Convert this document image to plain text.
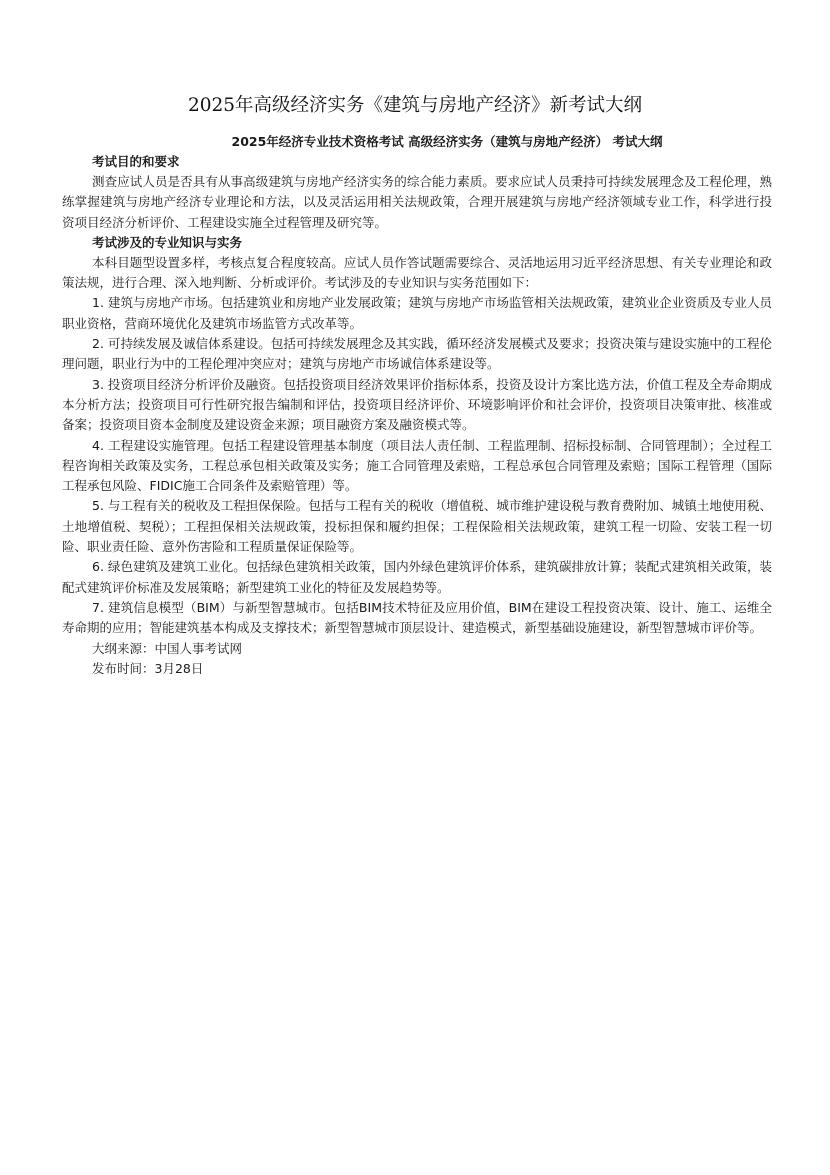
2025年高级经济实务《建筑与房地产经济》新考试大纲
2025年经济专业技术资格考试 高级经济实务（建筑与房地产经济） 考试大纲
考试目的和要求

测查应试人员是否具有从事高级建筑与房地产经济实务的综合能力素质。要求应试人员秉持可持续发展理念及工程伦理，熟练掌握建筑与房地产经济专业理论和方法，以及灵活运用相关法规政策，合理开展建筑与房地产经济领域专业工作，科学进行投资项目经济分析评价、工程建设实施全过程管理及研究等。

考试涉及的专业知识与实务

本科目题型设置多样，考核点复合程度较高。应试人员作答试题需要综合、灵活地运用习近平经济思想、有关专业理论和政策法规，进行合理、深入地判断、分析或评价。考试涉及的专业知识与实务范围如下：

1. 建筑与房地产市场。包括建筑业和房地产业发展政策；建筑与房地产市场监管相关法规政策，建筑业企业资质及专业人员职业资格，营商环境优化及建筑市场监管方式改革等。

2. 可持续发展及诚信体系建设。包括可持续发展理念及其实践，循环经济发展模式及要求；投资决策与建设实施中的工程伦理问题，职业行为中的工程伦理冲突应对；建筑与房地产市场诚信体系建设等。

3. 投资项目经济分析评价及融资。包括投资项目经济效果评价指标体系，投资及设计方案比选方法，价值工程及全寿命期成本分析方法；投资项目可行性研究报告编制和评估，投资项目经济评价、环境影响评价和社会评价，投资项目决策审批、核准或备案；投资项目资本金制度及建设资金来源；项目融资方案及融资模式等。

4. 工程建设实施管理。包括工程建设管理基本制度（项目法人责任制、工程监理制、招标投标制、合同管理制）；全过程工程咨询相关政策及实务，工程总承包相关政策及实务；施工合同管理及索赔，工程总承包合同管理及索赔；国际工程管理（国际工程承包风险、FIDIC施工合同条件及索赔管理）等。

5. 与工程有关的税收及工程担保保险。包括与工程有关的税收（增值税、城市维护建设税与教育费附加、城镇土地使用税、土地增值税、契税）；工程担保相关法规政策，投标担保和履约担保；工程保险相关法规政策，建筑工程一切险、安装工程一切险、职业责任险、意外伤害险和工程质量保证保险等。

6. 绿色建筑及建筑工业化。包括绿色建筑相关政策，国内外绿色建筑评价体系，建筑碳排放计算；装配式建筑相关政策，装配式建筑评价标准及发展策略；新型建筑工业化的特征及发展趋势等。

7. 建筑信息模型（BIM）与新型智慧城市。包括BIM技术特征及应用价值，BIM在建设工程投资决策、设计、施工、运维全寿命期的应用；智能建筑基本构成及支撑技术；新型智慧城市顶层设计、建造模式，新型基础设施建设，新型智慧城市评价等。

大纲来源：中国人事考试网
发布时间：3月28日
